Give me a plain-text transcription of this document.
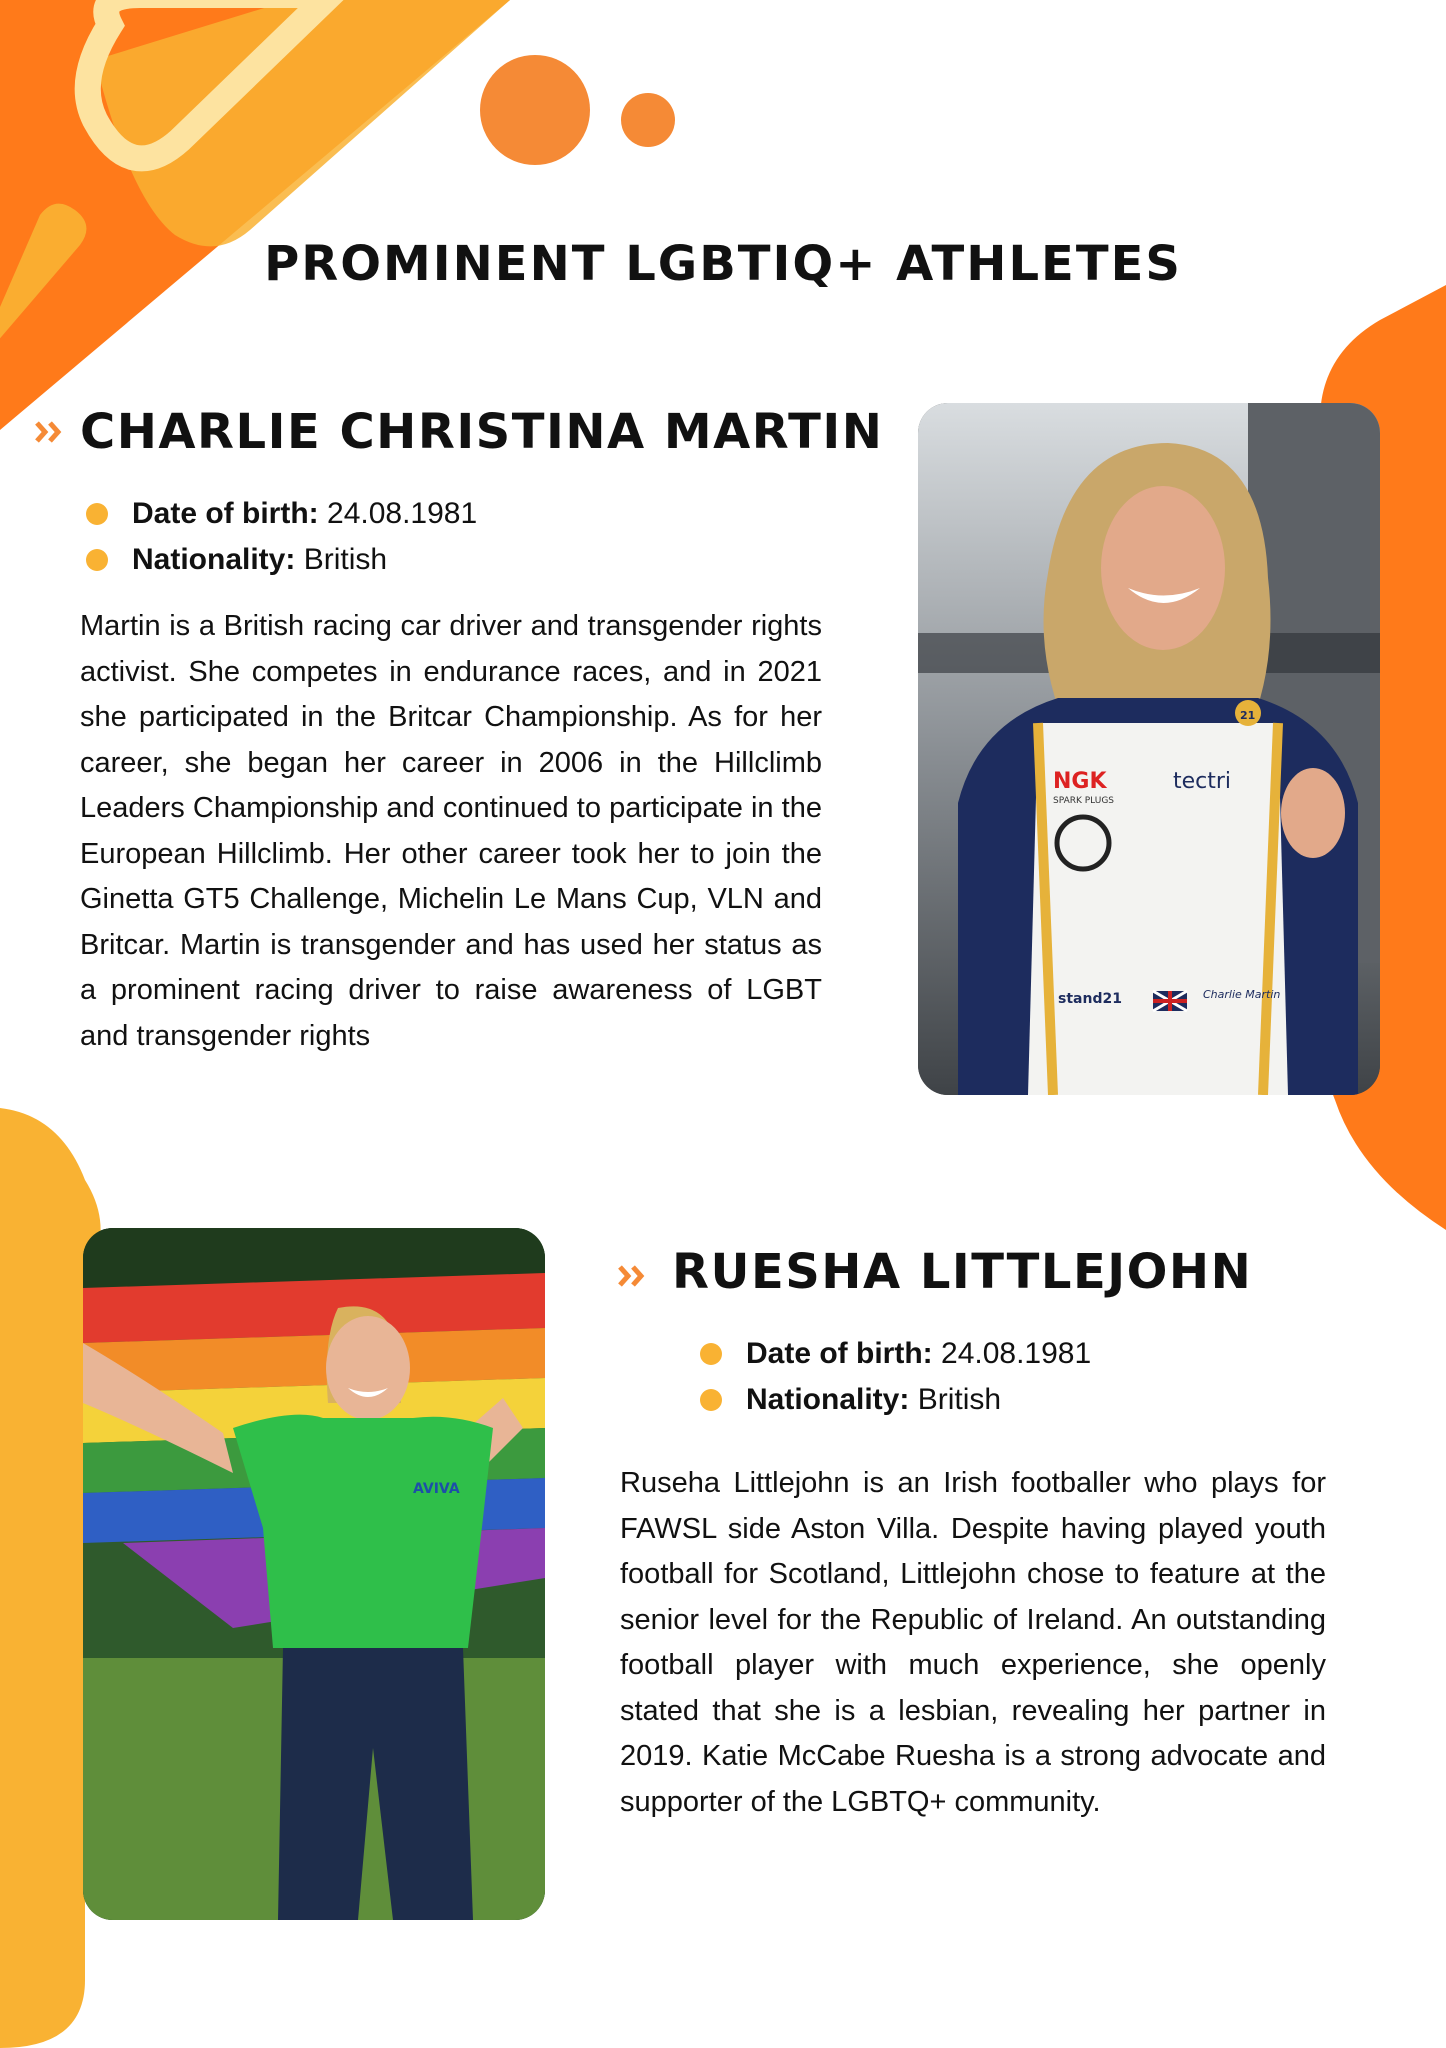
PROMINENT LGBTIQ+ ATHLETES
CHARLIE CHRISTINA MARTIN
Date of birth :
24.08.1981
Nationality :
British

Martin is a British racing car driver and transgender rights activist. She competes in endurance races, and in 2021 she participated in the Britcar Championship. As for her career, she began her career in 2006 in the Hillclimb Leaders Championship and continued to participate in the European Hillclimb. Her other career took her to join the Ginetta GT5 Challenge, Michelin Le Mans Cup, VLN and Britcar. Martin is transgender and has used her status as a prominent racing driver to raise awareness of LGBT and transgender rights

NGK
SPARK PLUGS
tectri
21
stand21	Charlie Martin
AVIVA
RUESHA LITTLEJOHN
Date of birth :
24.08.1981
Nationality :
British

Ruseha Littlejohn is an Irish footballer who plays for FAWSL side Aston Villa. Despite having played youth football for Scotland, Littlejohn chose to feature at the senior level for the Republic of Ireland. An outstanding football player with much experience, she openly stated that she is a lesbian, revealing her partner in 2019. Katie McCabe Ruesha is a strong advocate and supporter of the LGBTQ+ community.
